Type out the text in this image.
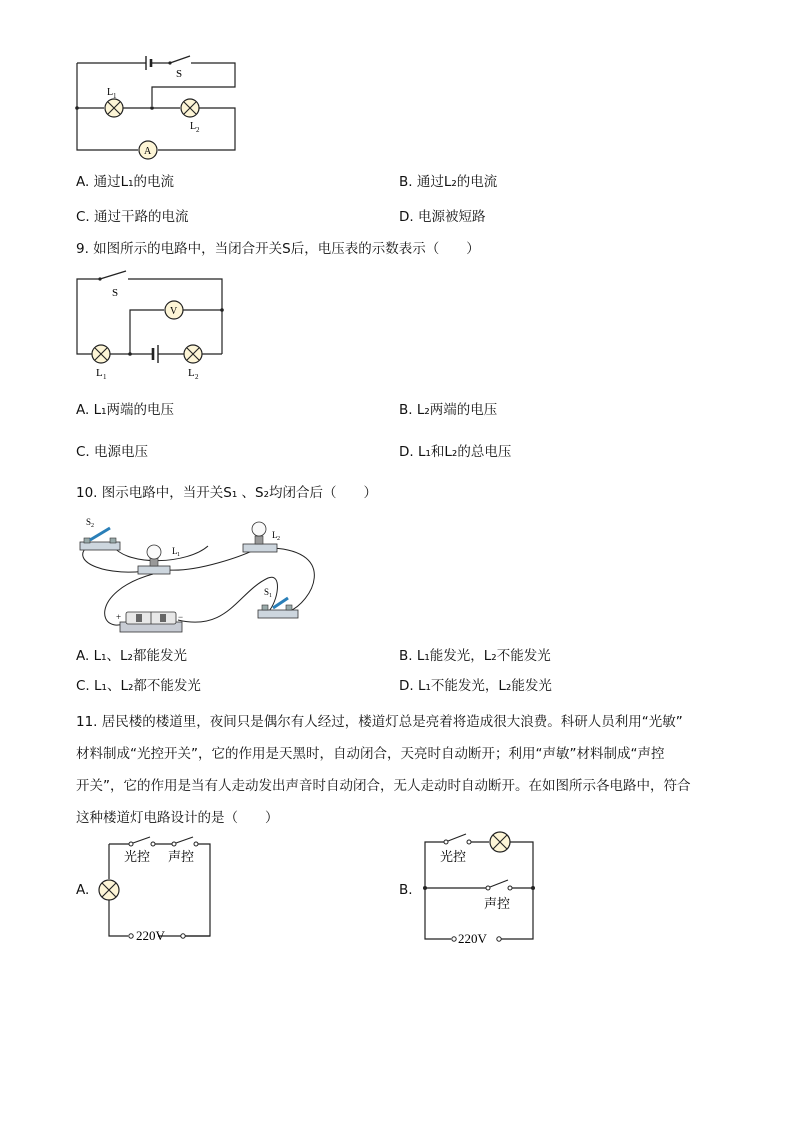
S
A
L 1
L 2
A. 通过L₁的电流	B. 通过L₂的电流
C. 通过干路的电流	D. 电源被短路
9. 如图所示的电路中，当闭合开关S后，电压表的示数表示（　　）
S
V
L 1	L 2
A. L₁两端的电压	B. L₂两端的电压
C. 电源电压	D. L₁和L₂的总电压
10. 图示电路中，当开关S₁ 、S₂均闭合后（　　）
S 2
L 1
L 2
S 1
+	−
A. L₁、L₂都能发光	B. L₁能发光，L₂不能发光
C. L₁、L₂都不能发光	D. L₁不能发光，L₂能发光
11. 居民楼的楼道里，夜间只是偶尔有人经过，楼道灯总是亮着将造成很大浪费。科研人员利用“光敏”
材料制成“光控开关”，它的作用是天黑时，自动闭合，天亮时自动断开；利用“声敏”材料制成“声控
开关”，它的作用是当有人走动发出声音时自动闭合，无人走动时自动断开。在如图所示各电路中，符合
这种楼道灯电路设计的是（　　）
A.
光控 声控
220V
B.
光控
声控
220V
